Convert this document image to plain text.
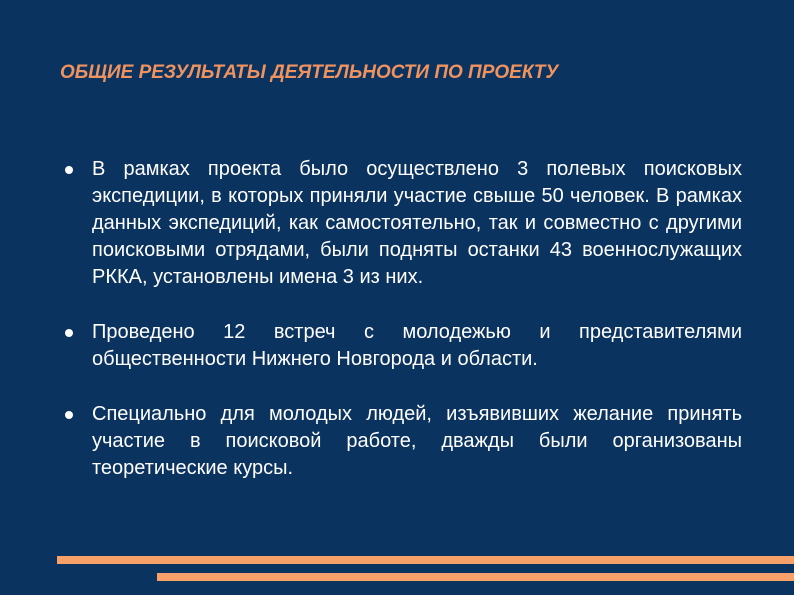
ОБЩИЕ РЕЗУЛЬТАТЫ ДЕЯТЕЛЬНОСТИ ПО ПРОЕКТУ
В рамках проекта было осуществлено 3 полевых поисковых экспедиции, в которых приняли участие свыше 50 человек. В рамках данных экспедиций, как самостоятельно, так и совместно с другими поисковыми отрядами, были подняты останки 43 военнослужащих РККА, установлены имена 3 из них.
Проведено 12 встреч с молодежью и представителями общественности Нижнего Новгорода и области.
Специально для молодых людей, изъявивших желание принять участие в поисковой работе, дважды были организованы теоретические курсы.
